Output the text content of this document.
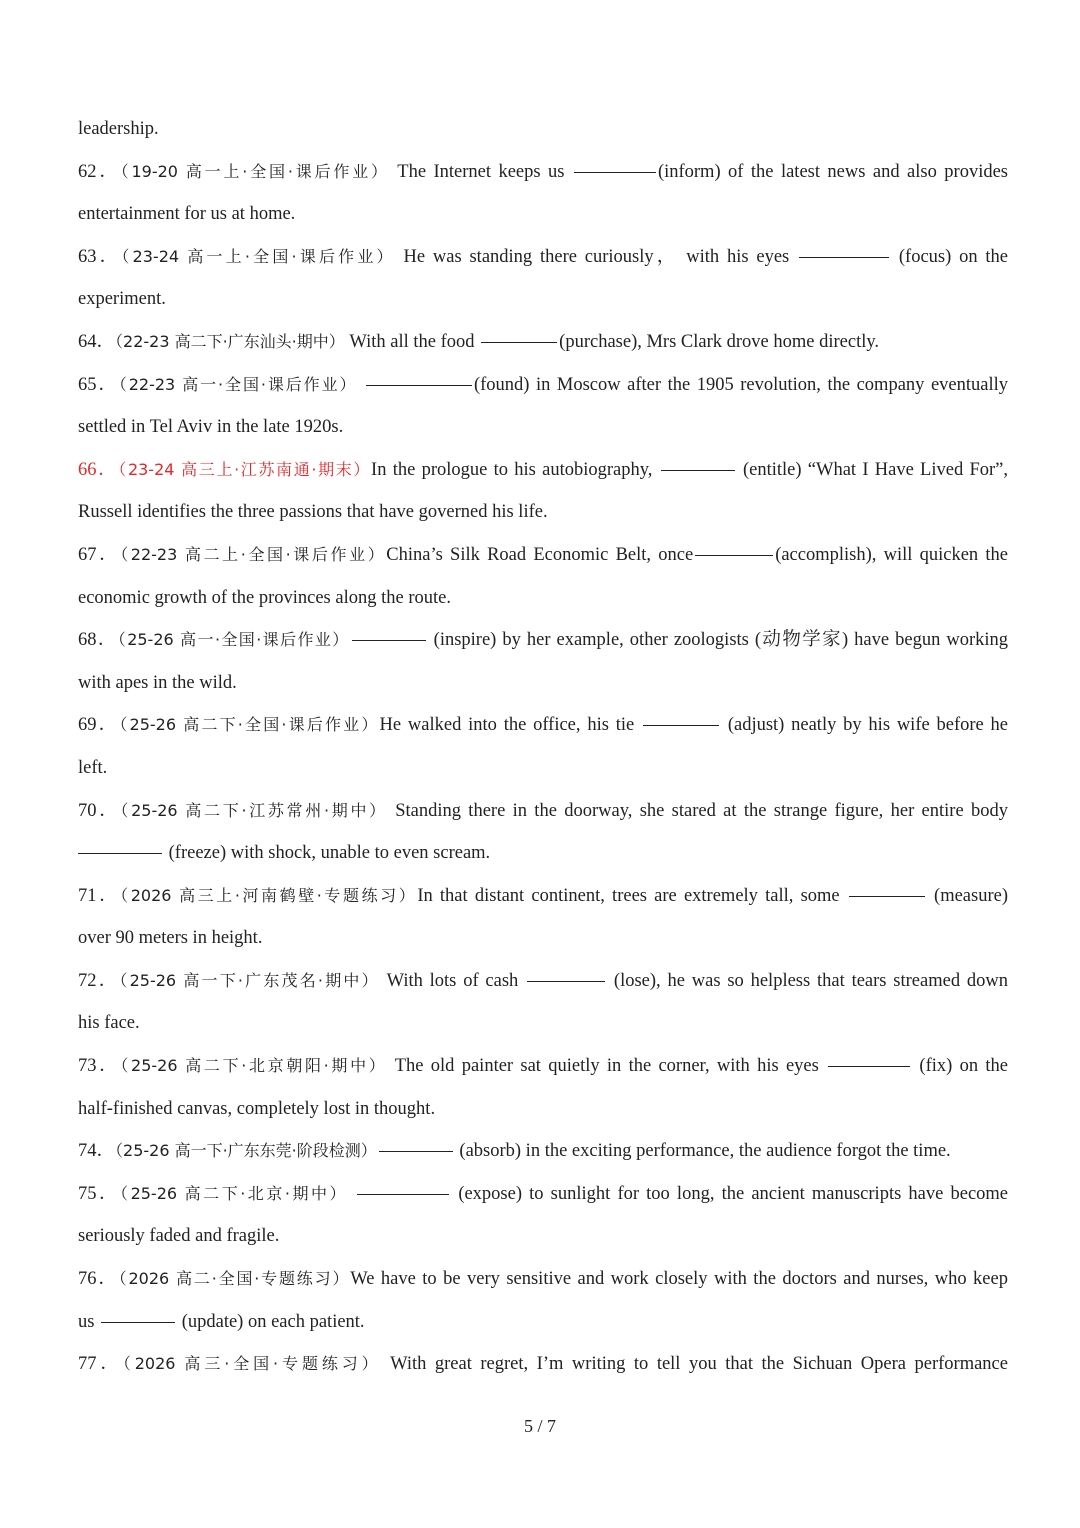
leadership.
62．（19-20 高一上·全国·课后作业） The Internet keeps us	(inform) of the latest news and also provides
entertainment for us at home.
63．（23-24 高一上·全国·课后作业） He was standing there curiously， with his eyes	(focus) on the
experiment.
64．（22-23 高二下·广东汕头·期中） With all the food	(purchase), Mrs Clark drove home directly.
65．（22-23 高一·全国·课后作业）	(found) in Moscow after the 1905 revolution, the company eventually
settled in Tel Aviv in the late 1920s.
66．（23-24 高三上·江苏南通·期末）In the prologue to his autobiography,	(entitle) “What I Have Lived For”,
Russell identifies the three passions that have governed his life.
67．（22-23 高二上·全国·课后作业）China’s Silk Road Economic Belt, once	(accomplish), will quicken the
economic growth of the provinces along the route.
68．（25-26 高一·全国·课后作业）	(inspire) by her example, other zoologists (动物学家) have begun working
with apes in the wild.
69．（25-26 高二下·全国·课后作业）He walked into the office, his tie	(adjust) neatly by his wife before he
left.
70．（25-26 高二下·江苏常州·期中） Standing there in the doorway, she stared at the strange figure, her entire body
(freeze) with shock, unable to even scream.
71．（2026 高三上·河南鹤壁·专题练习）In that distant continent, trees are extremely tall, some	(measure)
over 90 meters in height.
72．（25-26 高一下·广东茂名·期中） With lots of cash	(lose), he was so helpless that tears streamed down
his face.
73．（25-26 高二下·北京朝阳·期中） The old painter sat quietly in the corner, with his eyes	(fix) on the
half-finished canvas, completely lost in thought.
74．（25-26 高一下·广东东莞·阶段检测）	(absorb) in the exciting performance, the audience forgot the time.
75．（25-26 高二下·北京·期中）	(expose) to sunlight for too long, the ancient manuscripts have become
seriously faded and fragile.
76．（2026 高二·全国·专题练习）We have to be very sensitive and work closely with the doctors and nurses, who keep
us	(update) on each patient.
77．（2026 高三·全国·专题练习） With great regret, I’m writing to tell you that the Sichuan Opera performance
5 / 7
